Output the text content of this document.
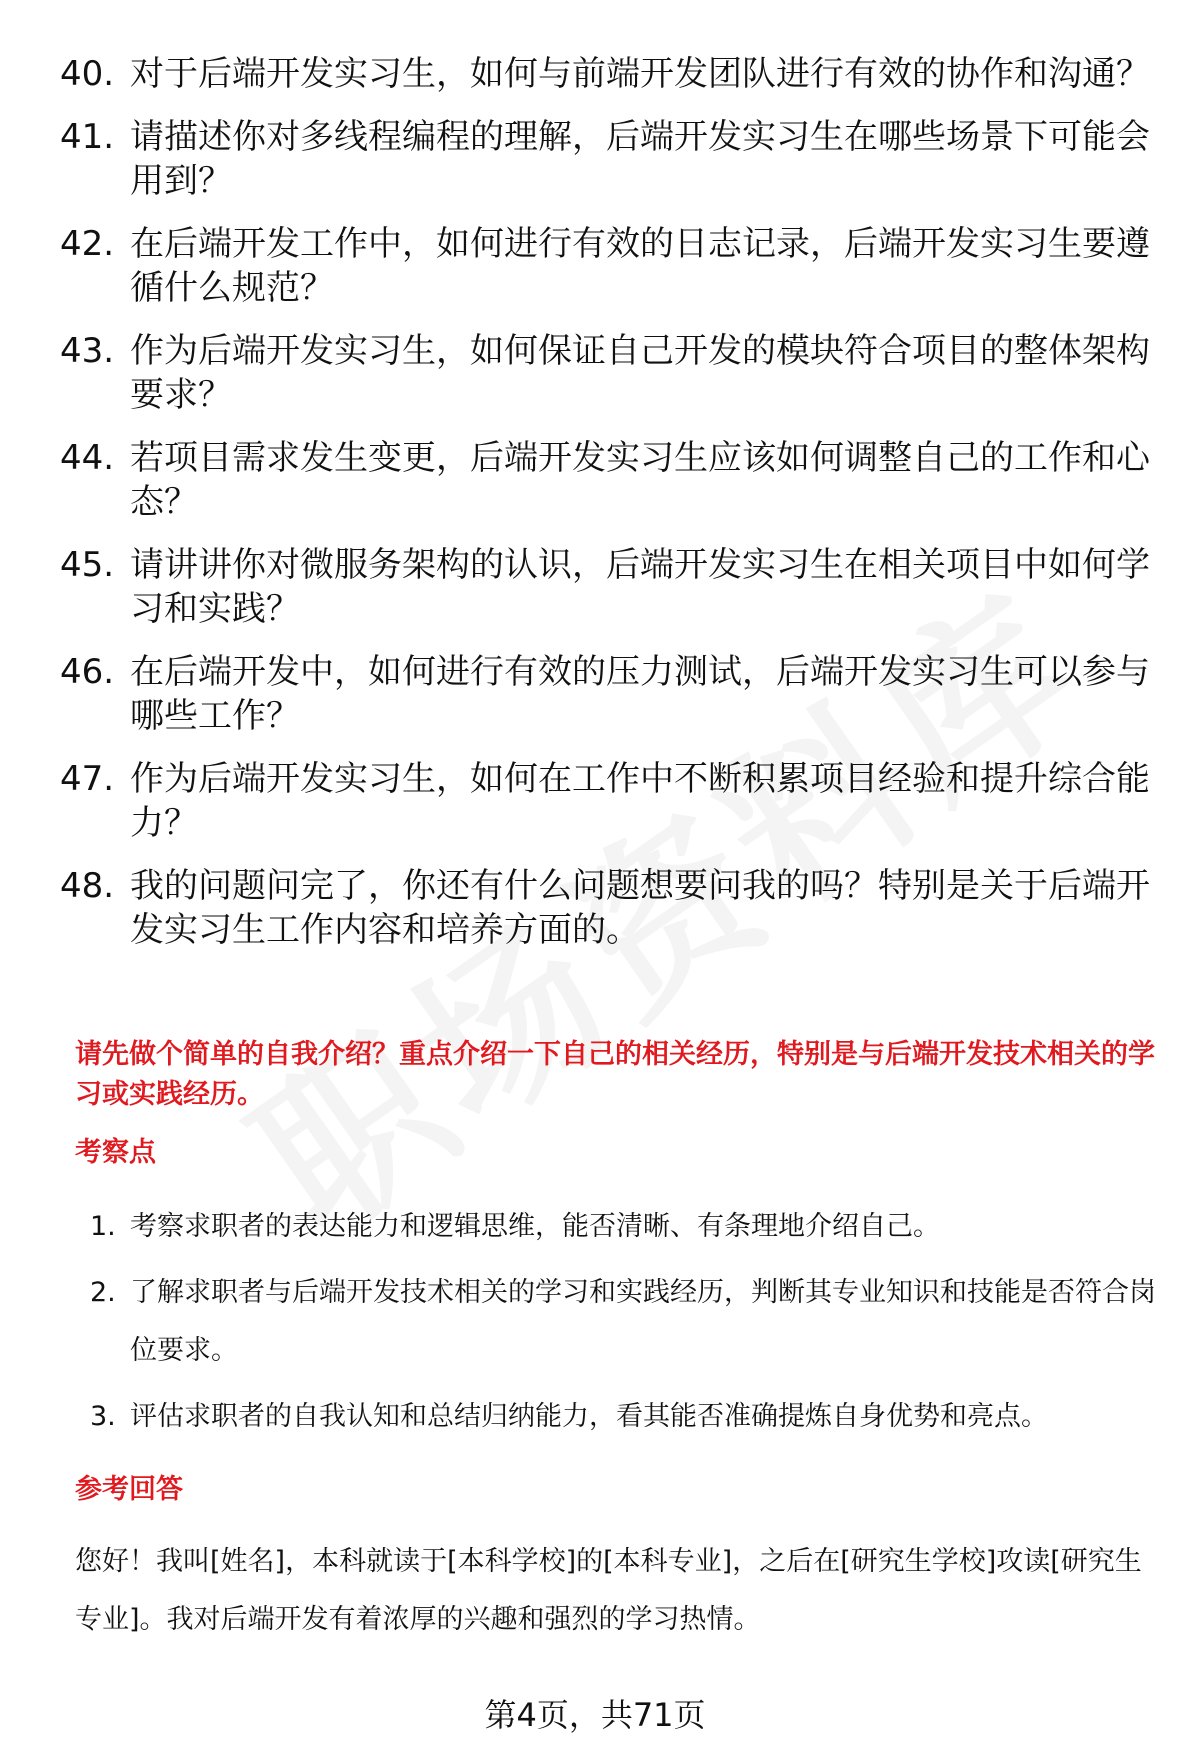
40. 对于后端开发实习生，如何与前端开发团队进行有效的协作和沟通？
41. 请描述你对多线程编程的理解，后端开发实习生在哪些场景下可能会用到？
42. 在后端开发工作中，如何进行有效的日志记录，后端开发实习生要遵循什么规范？
43. 作为后端开发实习生，如何保证自己开发的模块符合项目的整体架构要求？
44. 若项目需求发生变更，后端开发实习生应该如何调整自己的工作和心态？
45. 请讲讲你对微服务架构的认识，后端开发实习生在相关项目中如何学习和实践？
46. 在后端开发中，如何进行有效的压力测试，后端开发实习生可以参与哪些工作？
47. 作为后端开发实习生，如何在工作中不断积累项目经验和提升综合能力？
48. 我的问题问完了，你还有什么问题想要问我的吗？特别是关于后端开发实习生工作内容和培养方面的。
请先做个简单的自我介绍？重点介绍一下自己的相关经历，特别是与后端开发技术相关的学习或实践经历。
考察点
1. 考察求职者的表达能力和逻辑思维，能否清晰、有条理地介绍自己。
2. 了解求职者与后端开发技术相关的学习和实践经历，判断其专业知识和技能是否符合岗位要求。
3. 评估求职者的自我认知和总结归纳能力，看其能否准确提炼自身优势和亮点。
参考回答
您好！我叫[姓名]，本科就读于[本科学校]的[本科专业]，之后在[研究生学校]攻读[研究生专业]。我对后端开发有着浓厚的兴趣和强烈的学习热情。
第4页，共71页
